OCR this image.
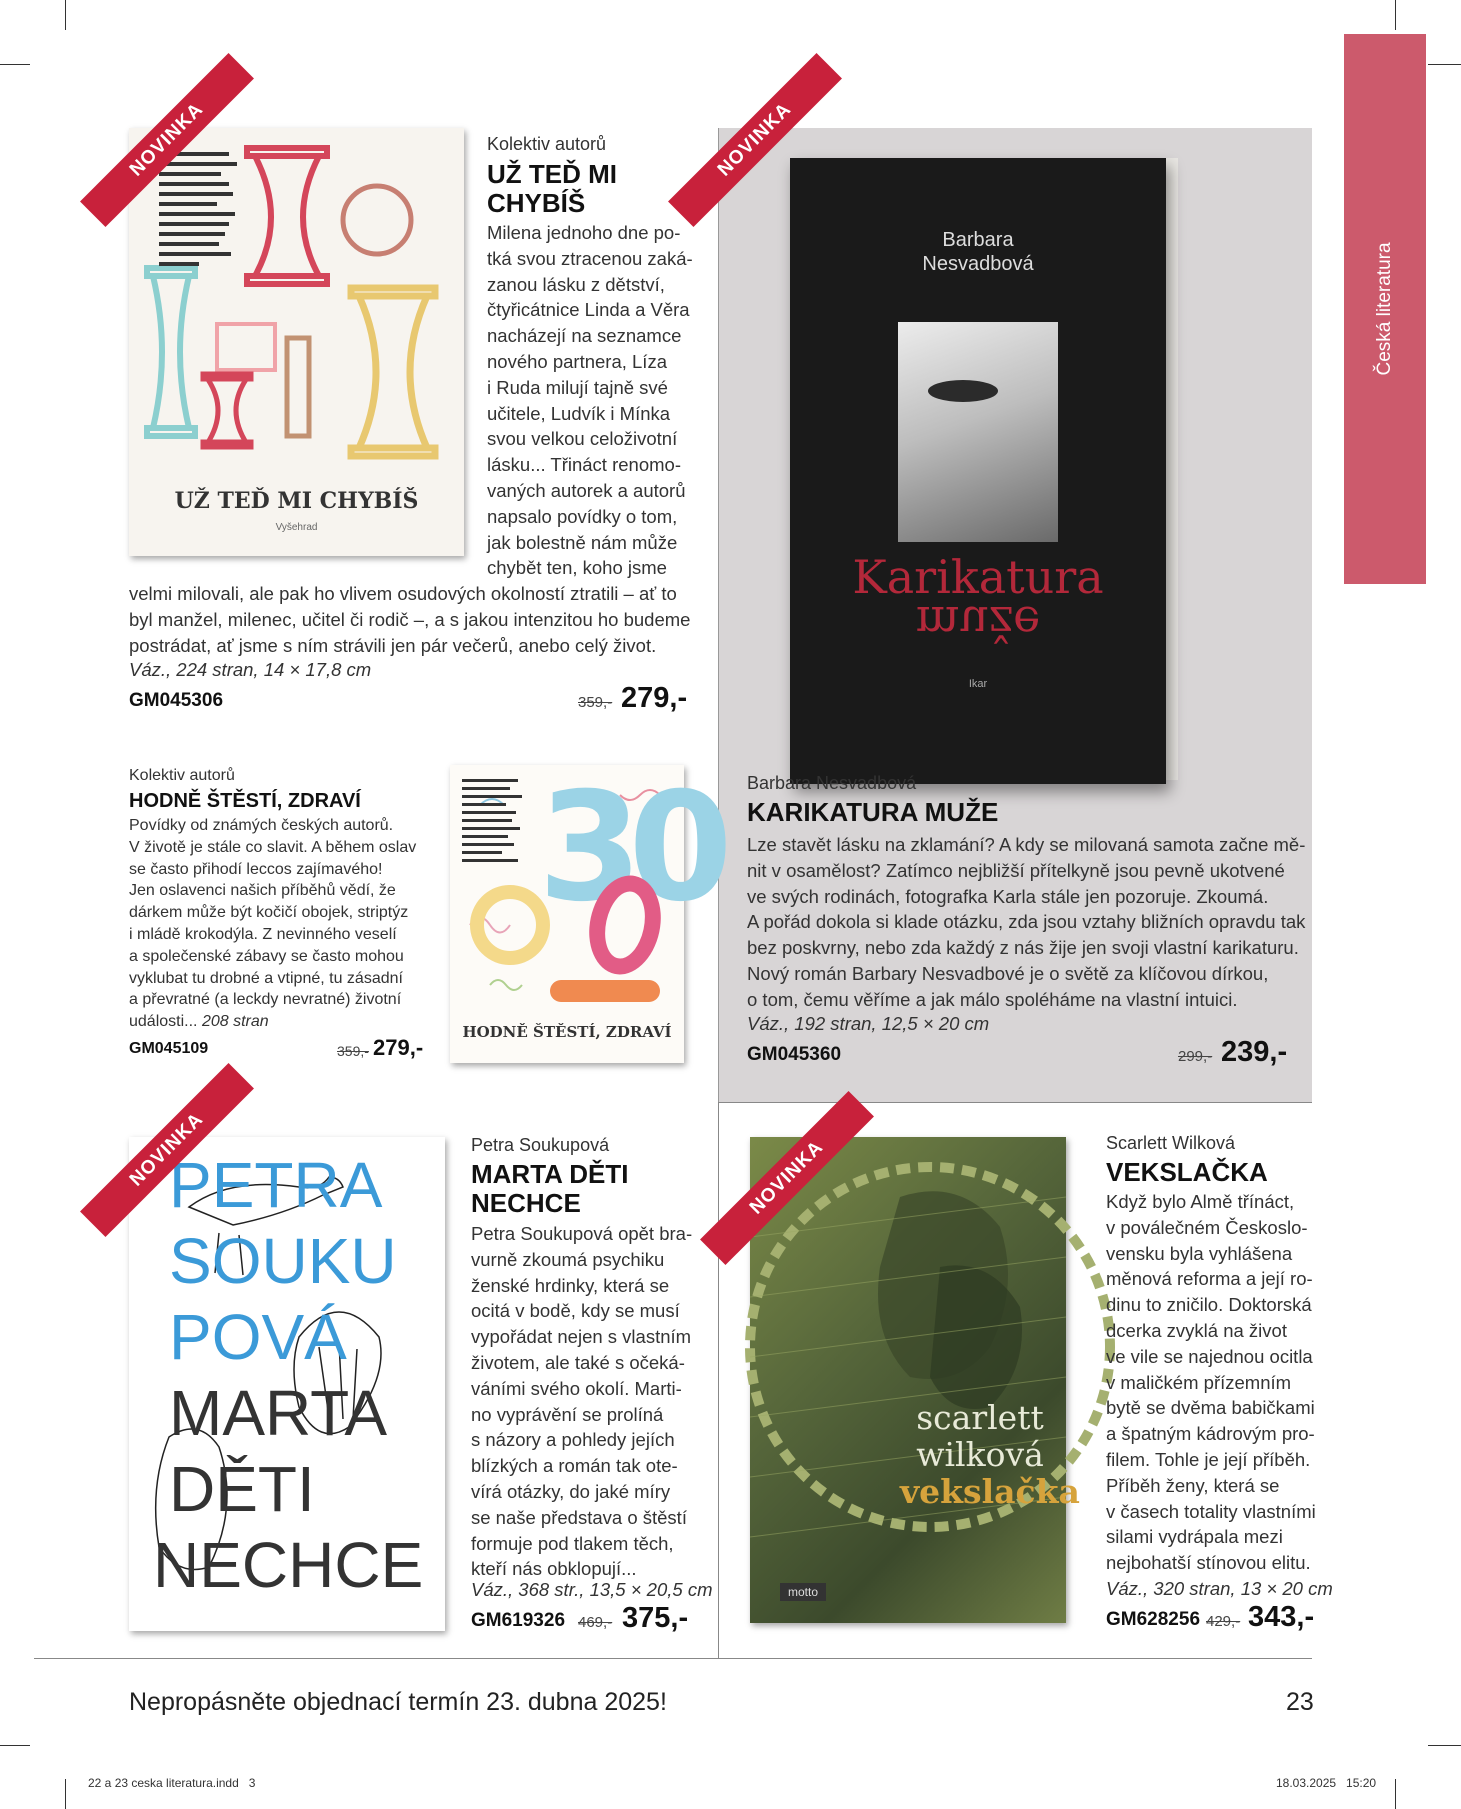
Česká literatura
UŽ TEĎ MI CHYBÍŠ
Vyšehrad
NOVINKA	Kolektiv autorů
UŽ TEĎ MI
CHYBÍŠ
Milena jednoho dne po-
tká svou ztracenou zaká-
zanou lásku z dětství,
čtyřicátnice Linda a Věra
nacházejí na seznamce
nového partnera, Líza
i Ruda milují tajně své
učitele, Ludvík i Mínka
svou velkou celoživotní
lásku... Třináct renomo-
vaných autorek a autorů
napsalo povídky o tom,
jak bolestně nám může
chybět ten, koho jsme
velmi milovali, ale pak ho vlivem osudových okolností ztratili – ať to
byl manžel, milenec, učitel či rodič –, a s jakou intenzitou ho budeme
postrádat, ať jsme s ním strávili jen pár večerů, anebo celý život.
Váz., 224 stran, 14 × 17,8 cm
GM045306	359,- 279,-
Barbara
Nesvadbová
Karikatura
muže
Ikar
NOVINKA
Barbara Nesvadbová
KARIKATURA MUŽE
Lze stavět lásku na zklamání? A kdy se milovaná samota začne mě-
nit v osamělost? Zatímco nejbližší přítelkyně jsou pevně ukotvené
ve svých rodinách, fotografka Karla stále jen pozoruje. Zkoumá.
A pořád dokola si klade otázku, zda jsou vztahy bližních opravdu tak
bez poskvrny, nebo zda každý z nás žije jen svoji vlastní karikaturu.
Nový román Barbary Nesvadbové je o světě za klíčovou dírkou,
o tom, čemu věříme a jak málo spoléháme na vlastní intuici.
Váz., 192 stran, 12,5 × 20 cm
GM045360	299,- 239,-
Kolektiv autorů
HODNĚ ŠTĚSTÍ, ZDRAVÍ
Povídky od známých českých autorů.
V životě je stále co slavit. A během oslav
se často přihodí leccos zajímavého!
Jen oslavenci našich příběhů vědí, že
dárkem může být kočičí obojek, striptýz
i mládě krokodýla. Z nevinného veselí
a společenské zábavy se často mohou
vyklubat tu drobné a vtipné, tu zásadní
a převratné (a leckdy nevratné) životní
události... 208 stran
GM045109	359,- 279,-
30
HODNĚ ŠTĚSTÍ, ZDRAVÍ
PETRA
SOUKU
POVÁ
MARTA
DĚTI
NECHCE
NOVINKA	Petra Soukupová
MARTA DĚTI
NECHCE
Petra Soukupová opět bra-
vurně zkoumá psychiku
ženské hrdinky, která se
ocitá v bodě, kdy se musí
vypořádat nejen s vlastním
životem, ale také s očeká-
váními svého okolí. Marti-
no vyprávění se prolíná
s názory a pohledy jejích
blízkých a román tak ote-
vírá otázky, do jaké míry
se naše představa o štěstí
formuje pod tlakem těch,
kteří nás obklopují...
Váz., 368 str., 13,5 × 20,5 cm
GM619326 469,- 375,-
scarlett
wilková
vekslačka
motto
NOVINKA	Scarlett Wilková
VEKSLAČKA
Když bylo Almě třínáct,
v poválečném Českoslo-
vensku byla vyhlášena
měnová reforma a její ro-
dinu to zničilo. Doktorská
dcerka zvyklá na život
ve vile se najednou ocitla
v maličkém přízemním
bytě se dvěma babičkami
a špatným kádrovým pro-
filem. Tohle je její příběh.
Příběh ženy, která se
v časech totality vlastními
silami vydrápala mezi
nejbohatší stínovou elitu.
Váz., 320 stran, 13 × 20 cm
GM628256 429,- 343,-
Nepropásněte objednací termín 23. dubna 2025!	23
22 a 23 ceska literatura.indd   3	18.03.2025   15:20
